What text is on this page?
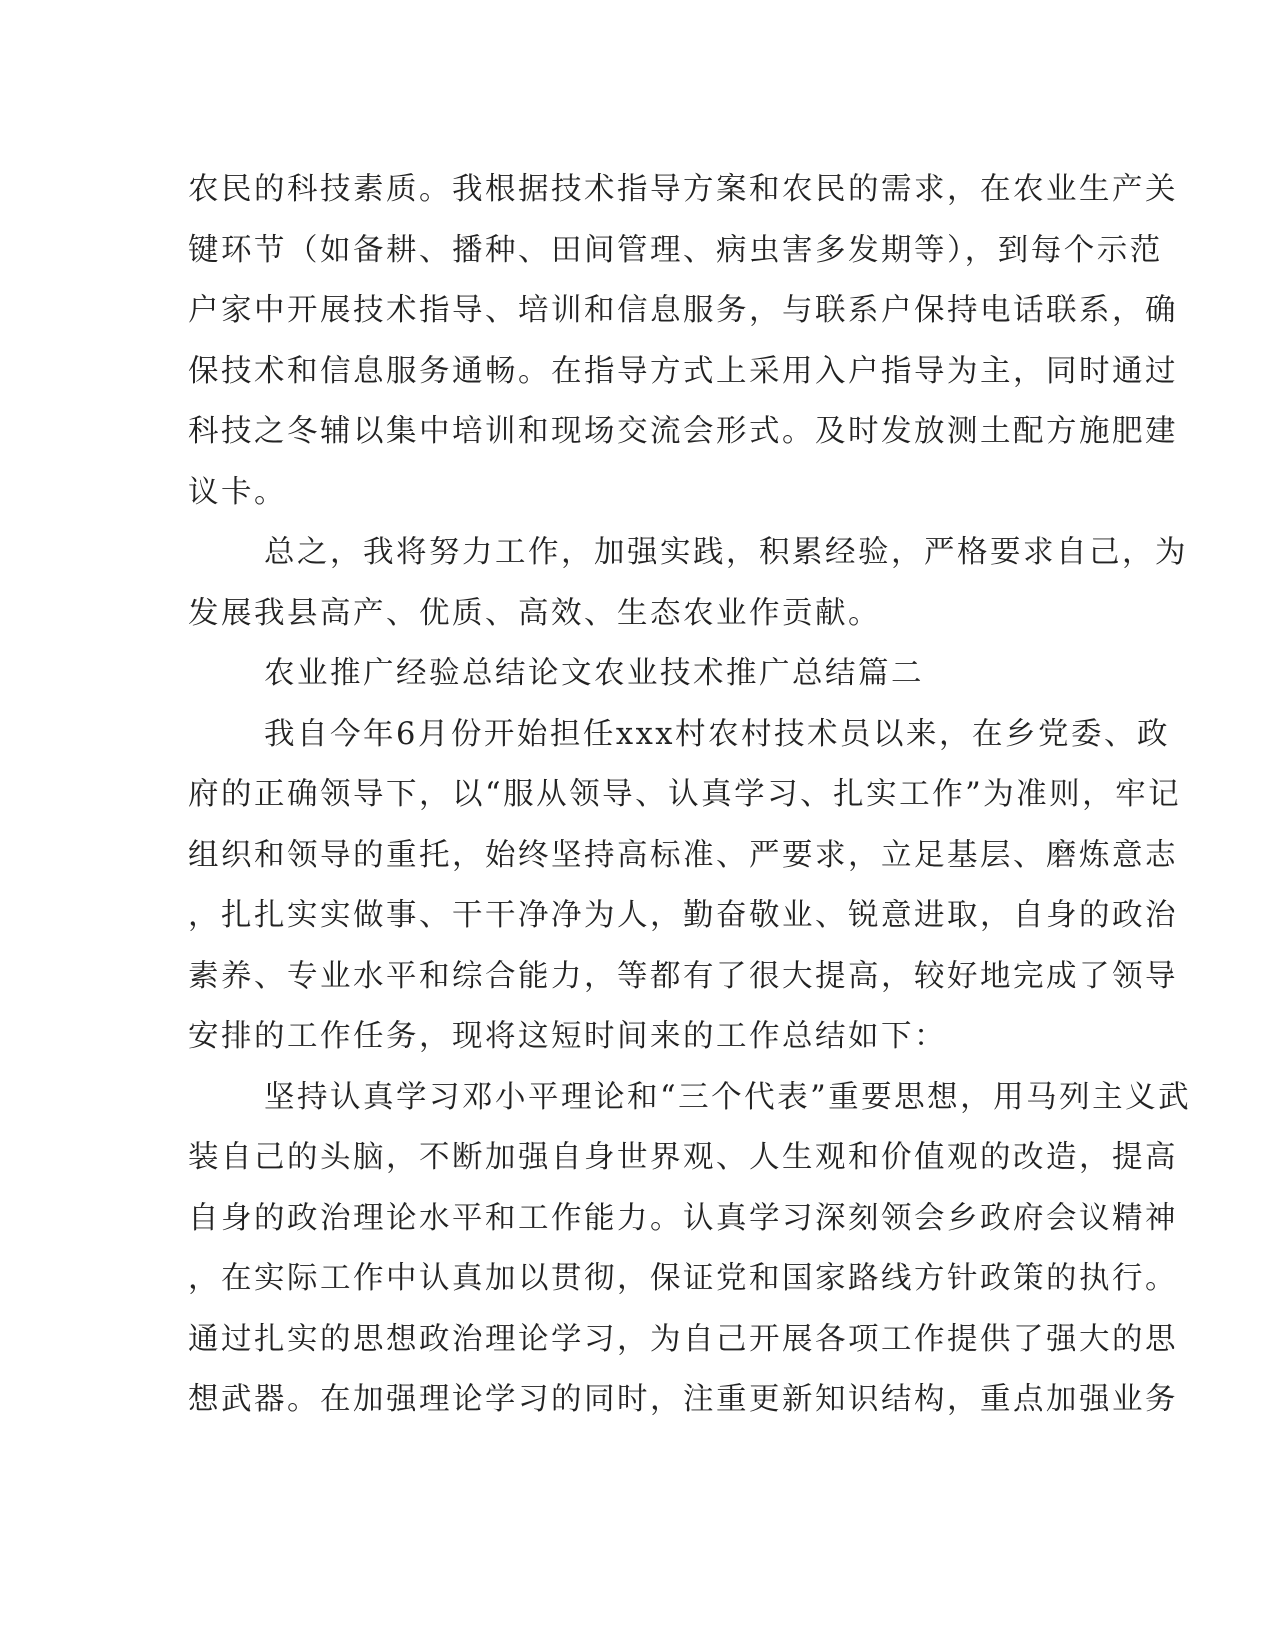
农民的科技素质。我根据技术指导方案和农民的需求，在农业生产关
键环节（如备耕、播种、田间管理、病虫害多发期等），到每个示范
户家中开展技术指导、培训和信息服务，与联系户保持电话联系，确
保技术和信息服务通畅。在指导方式上采用入户指导为主，同时通过
科技之冬辅以集中培训和现场交流会形式。及时发放测土配方施肥建
议卡。
总之，我将努力工作，加强实践，积累经验，严格要求自己，为
发展我县高产、优质、高效、生态农业作贡献。
农业推广经验总结论文农业技术推广总结篇二
我自今年6月份开始担任xxx村农村技术员以来，在乡党委、政
府的正确领导下，以“服从领导、认真学习、扎实工作”为准则，牢记
组织和领导的重托，始终坚持高标准、严要求，立足基层、磨炼意志
，扎扎实实做事、干干净净为人，勤奋敬业、锐意进取，自身的政治
素养、专业水平和综合能力，等都有了很大提高，较好地完成了领导
安排的工作任务，现将这短时间来的工作总结如下：
坚持认真学习邓小平理论和“三个代表”重要思想，用马列主义武
装自己的头脑，不断加强自身世界观、人生观和价值观的改造，提高
自身的政治理论水平和工作能力。认真学习深刻领会乡政府会议精神
，在实际工作中认真加以贯彻，保证党和国家路线方针政策的执行。
通过扎实的思想政治理论学习，为自己开展各项工作提供了强大的思
想武器。在加强理论学习的同时，注重更新知识结构，重点加强业务
